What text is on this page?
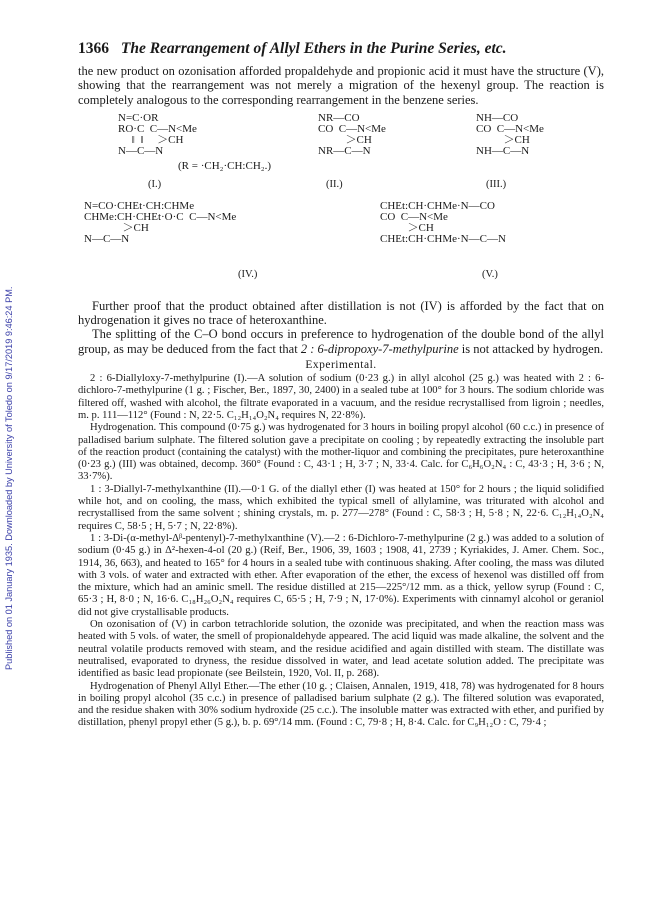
Published on 01 January 1935. Downloaded by University of Toledo on 9/17/2019 9:46:24 PM.
1366 The Rearrangement of Allyl Ethers in the Purine Series, etc.

the new product on ozonisation afforded propaldehyde and propionic acid it must have the structure (V), showing that the rearrangement was not merely a migration of the hexenyl group. The reaction is completely analogous to the corresponding rearrangement in the benzene series.

N=C·OR
RO·C  C—N<Me
‖  ‖     ＞CH
N—C—N
NR—CO
CO  C—N<Me
＞CH
NR—C—N
NH—CO
CO  C—N<Me
＞CH
NH—C—N
(R = ·CH₂·CH:CH₂.)
(I.)	(II.)	(III.)
N=CO·CHEt·CH:CHMe
CHMe:CH·CHEt·O·C  C—N<Me
＞CH
N—C—N
CHEt:CH·CHMe·N—CO
CO  C—N<Me
＞CH
CHEt:CH·CHMe·N—C—N
(IV.)	(V.)

Further proof that the product obtained after distillation is not (IV) is afforded by the fact that on hydrogenation it gives no trace of heteroxanthine.

The splitting of the C–O bond occurs in preference to hydrogenation of the double bond of the allyl group, as may be deduced from the fact that 2 : 6-dipropoxy-7-methylpurine is not attacked by hydrogen.

Experimental.

2 : 6-Diallyloxy-7-methylpurine (I).—A solution of sodium (0·23 g.) in allyl alcohol (25 g.) was heated with 2 : 6-dichloro-7-methylpurine (1 g. ; Fischer, Ber., 1897, 30, 2400) in a sealed tube at 100° for 3 hours. The sodium chloride was filtered off, washed with alcohol, the filtrate evaporated in a vacuum, and the residue recrystallised from ligroin ; needles, m. p. 111—112° (Found : N, 22·5. C₁₂H₁₄O₂N₄ requires N, 22·8%).

Hydrogenation. This compound (0·75 g.) was hydrogenated for 3 hours in boiling propyl alcohol (60 c.c.) in presence of palladised barium sulphate. The filtered solution gave a precipitate on cooling ; by repeatedly extracting the insoluble part of the reaction product (containing the catalyst) with the mother-liquor and combining the precipitates, pure heteroxanthine (0·23 g.) (III) was obtained, decomp. 360° (Found : C, 43·1 ; H, 3·7 ; N, 33·4. Calc. for C₆H₆O₂N₄ : C, 43·3 ; H, 3·6 ; N, 33·7%).

1 : 3-Diallyl-7-methylxanthine (II).—0·1 G. of the diallyl ether (I) was heated at 150° for 2 hours ; the liquid solidified while hot, and on cooling, the mass, which exhibited the typical smell of allylamine, was triturated with alcohol and recrystallised from the same solvent ; shining crystals, m. p. 277—278° (Found : C, 58·3 ; H, 5·8 ; N, 22·6. C₁₂H₁₄O₂N₄ requires C, 58·5 ; H, 5·7 ; N, 22·8%).

1 : 3-Di-(α-methyl-Δᵝ-pentenyl)-7-methylxanthine (V).—2 : 6-Dichloro-7-methylpurine (2 g.) was added to a solution of sodium (0·45 g.) in Δ²-hexen-4-ol (20 g.) (Reif, Ber., 1906, 39, 1603 ; 1908, 41, 2739 ; Kyriakides, J. Amer. Chem. Soc., 1914, 36, 663), and heated to 165° for 4 hours in a sealed tube with continuous shaking. After cooling, the mass was diluted with 3 vols. of water and extracted with ether. After evaporation of the ether, the excess of hexenol was distilled off from the mixture, which had an aminic smell. The residue distilled at 215—225°/12 mm. as a thick, yellow syrup (Found : C, 65·3 ; H, 8·0 ; N, 16·6. C₁₈H₂₆O₂N₄ requires C, 65·5 ; H, 7·9 ; N, 17·0%). Experiments with cinnamyl alcohol or geraniol did not give crystallisable products.

On ozonisation of (V) in carbon tetrachloride solution, the ozonide was precipitated, and when the reaction mass was heated with 5 vols. of water, the smell of propionaldehyde appeared. The acid liquid was made alkaline, the solvent and the neutral volatile products removed with steam, and the residue acidified and again distilled with steam. The distillate was neutralised, evaporated to dryness, the residue dissolved in water, and lead acetate solution added. The precipitate was identified as basic lead propionate (see Beilstein, 1920, Vol. II, p. 268).

Hydrogenation of Phenyl Allyl Ether.—The ether (10 g. ; Claisen, Annalen, 1919, 418, 78) was hydrogenated for 8 hours in boiling propyl alcohol (35 c.c.) in presence of palladised barium sulphate (2 g.). The filtered solution was evaporated, and the residue shaken with 30% sodium hydroxide (25 c.c.). The insoluble matter was extracted with ether, and purified by distillation, phenyl propyl ether (5 g.), b. p. 69°/14 mm. (Found : C, 79·8 ; H, 8·4. Calc. for C₉H₁₂O : C, 79·4 ;
